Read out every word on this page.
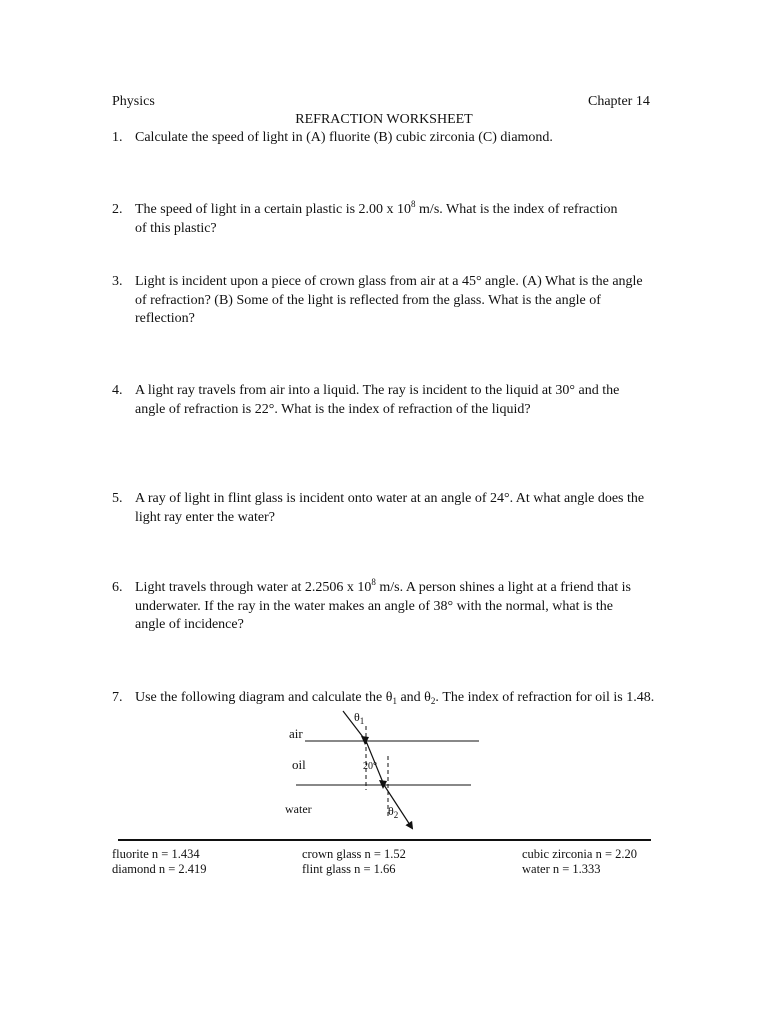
Physics	Chapter 14
REFRACTION WORKSHEET
1. Calculate the speed of light in (A) fluorite (B) cubic zirconia (C) diamond.
2. The speed of light in a certain plastic is 2.00 x $10^8$ m/s. What is the index of refraction of this plastic?
3. Light is incident upon a piece of crown glass from air at a 45° angle. (A) What is the angle of refraction? (B) Some of the light is reflected from the glass. What is the angle of reflection?
4. A light ray travels from air into a liquid. The ray is incident to the liquid at 30° and the angle of refraction is 22°. What is the index of refraction of the liquid?
5. A ray of light in flint glass is incident onto water at an angle of 24°. At what angle does the light ray enter the water?
6. Light travels through water at 2.2506 x $10^8$ m/s. A person shines a light at a friend that is underwater. If the ray in the water makes an angle of 38° with the normal, what is the angle of incidence?
7. Use the following diagram and calculate the $\theta_1$ and $\theta_2$. The index of refraction for oil is 1.48.
air
oil
water
$\theta_1$
20°
$\theta_2$
fluorite n = 1.434	crown glass n = 1.52	cubic zirconia n = 2.20
diamond n = 2.419	flint glass n = 1.66	water n = 1.333
